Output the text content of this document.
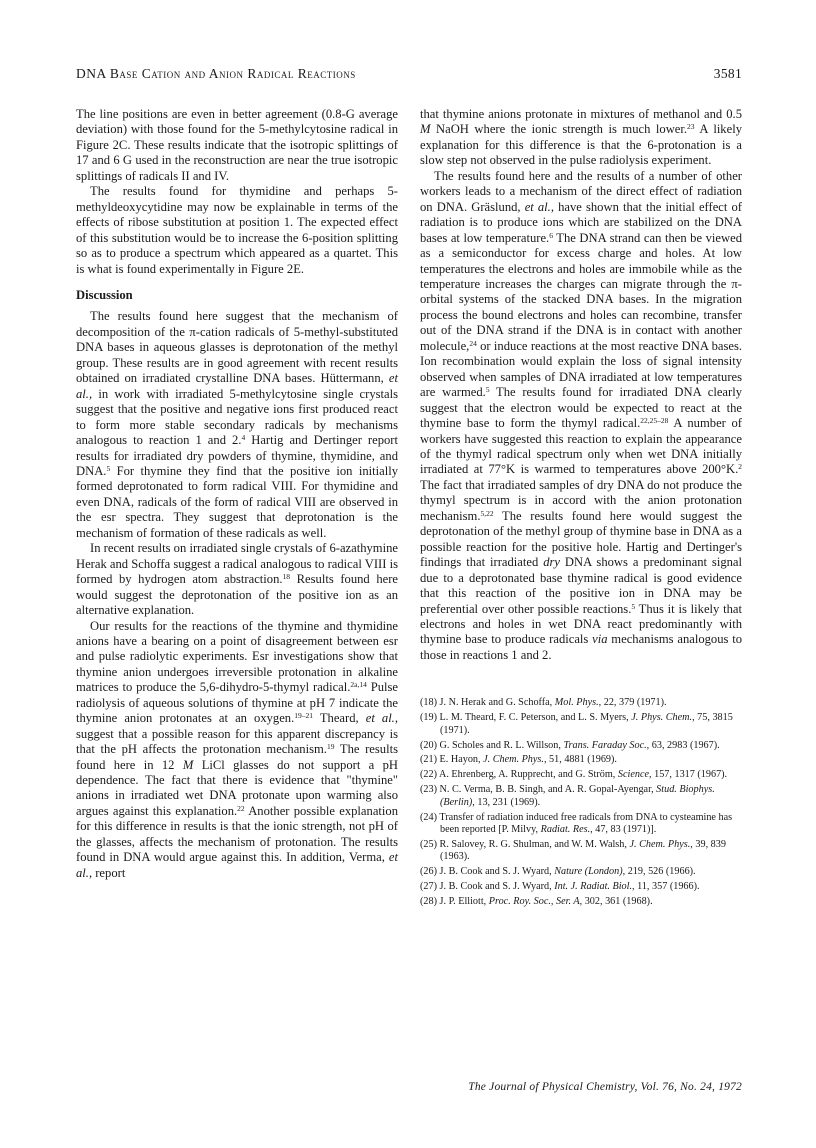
DNA Base Cation and Anion Radical Reactions	3581

The line positions are even in better agreement (0.8-G average deviation) with those found for the 5-methylcytosine radical in Figure 2C. These results indicate that the isotropic splittings of 17 and 6 G used in the reconstruction are near the true isotropic splittings of radicals II and IV.

The results found for thymidine and perhaps 5-methyldeoxycytidine may now be explainable in terms of the effects of ribose substitution at position 1. The expected effect of this substitution would be to increase the 6-position splitting so as to produce a spectrum which appeared as a quartet. This is what is found experimentally in Figure 2E.

Discussion

The results found here suggest that the mechanism of decomposition of the π-cation radicals of 5-methyl-substituted DNA bases in aqueous glasses is deprotonation of the methyl group. These results are in good agreement with recent results obtained on irradiated crystalline DNA bases. Hüttermann, et al., in work with irradiated 5-methylcytosine single crystals suggest that the positive and negative ions first produced react to form more stable secondary radicals by mechanisms analogous to reaction 1 and 2.$^4$ Hartig and Dertinger report results for irradiated dry powders of thymine, thymidine, and DNA.$^5$ For thymine they find that the positive ion initially formed deprotonated to form radical VIII. For thymidine and even DNA, radicals of the form of radical VIII are observed in the esr spectra. They suggest that deprotonation is the mechanism of formation of these radicals as well.

In recent results on irradiated single crystals of 6-azathymine Herak and Schoffa suggest a radical analogous to radical VIII is formed by hydrogen atom abstraction.$^{18}$ Results found here would suggest the deprotonation of the positive ion as an alternative explanation.

Our results for the reactions of the thymine and thymidine anions have a bearing on a point of disagreement between esr and pulse radiolytic experiments. Esr investigations show that thymine anion undergoes irreversible protonation in alkaline matrices to produce the 5,6-dihydro-5-thymyl radical.$^{2a,14}$ Pulse radiolysis of aqueous solutions of thymine at pH 7 indicate the thymine anion protonates at an oxygen.$^{19-21}$ Theard, et al., suggest that a possible reason for this apparent discrepancy is that the pH affects the protonation mechanism.$^{19}$ The results found here in 12 M LiCl glasses do not support a pH dependence. The fact that there is evidence that "thymine" anions in irradiated wet DNA protonate upon warming also argues against this explanation.$^{22}$ Another possible explanation for this difference in results is that the ionic strength, not pH of the glasses, affects the mechanism of protonation. The results found in DNA would argue against this. In addition, Verma, et al., report

that thymine anions protonate in mixtures of methanol and 0.5 M NaOH where the ionic strength is much lower.$^{23}$ A likely explanation for this difference is that the 6-protonation is a slow step not observed in the pulse radiolysis experiment.

The results found here and the results of a number of other workers leads to a mechanism of the direct effect of radiation on DNA. Gräslund, et al., have shown that the initial effect of radiation is to produce ions which are stabilized on the DNA bases at low temperature.$^6$ The DNA strand can then be viewed as a semiconductor for excess charge and holes. At low temperatures the electrons and holes are immobile while as the temperature increases the charges can migrate through the π-orbital systems of the stacked DNA bases. In the migration process the bound electrons and holes can recombine, transfer out of the DNA strand if the DNA is in contact with another molecule,$^{24}$ or induce reactions at the most reactive DNA bases. Ion recombination would explain the loss of signal intensity observed when samples of DNA irradiated at low temperatures are warmed.$^5$ The results found for irradiated DNA clearly suggest that the electron would be expected to react at the thymine base to form the thymyl radical.$^{22,25-28}$ A number of workers have suggested this reaction to explain the appearance of the thymyl radical spectrum only when wet DNA initially irradiated at 77°K is warmed to temperatures above 200°K.$^2$ The fact that irradiated samples of dry DNA do not produce the thymyl spectrum is in accord with the anion protonation mechanism.$^{5,22}$ The results found here would suggest the deprotonation of the methyl group of thymine base in DNA as a possible reaction for the positive hole. Hartig and Dertinger's findings that irradiated dry DNA shows a predominant signal due to a deprotonated base thymine radical is good evidence that this reaction of the positive ion in DNA may be preferential over other possible reactions.$^5$ Thus it is likely that electrons and holes in wet DNA react predominantly with thymine base to produce radicals via mechanisms analogous to those in reactions 1 and 2.

(18) J. N. Herak and G. Schoffa, Mol. Phys., 22, 379 (1971).
(19) L. M. Theard, F. C. Peterson, and L. S. Myers, J. Phys. Chem., 75, 3815 (1971).
(20) G. Scholes and R. L. Willson, Trans. Faraday Soc., 63, 2983 (1967).
(21) E. Hayon, J. Chem. Phys., 51, 4881 (1969).
(22) A. Ehrenberg, A. Rupprecht, and G. Ström, Science, 157, 1317 (1967).
(23) N. C. Verma, B. B. Singh, and A. R. Gopal-Ayengar, Stud. Biophys. (Berlin), 13, 231 (1969).
(24) Transfer of radiation induced free radicals from DNA to cysteamine has been reported [P. Milvy, Radiat. Res., 47, 83 (1971)].
(25) R. Salovey, R. G. Shulman, and W. M. Walsh, J. Chem. Phys., 39, 839 (1963).
(26) J. B. Cook and S. J. Wyard, Nature (London), 219, 526 (1966).
(27) J. B. Cook and S. J. Wyard, Int. J. Radiat. Biol., 11, 357 (1966).
(28) J. P. Elliott, Proc. Roy. Soc., Ser. A, 302, 361 (1968).
The Journal of Physical Chemistry, Vol. 76, No. 24, 1972
